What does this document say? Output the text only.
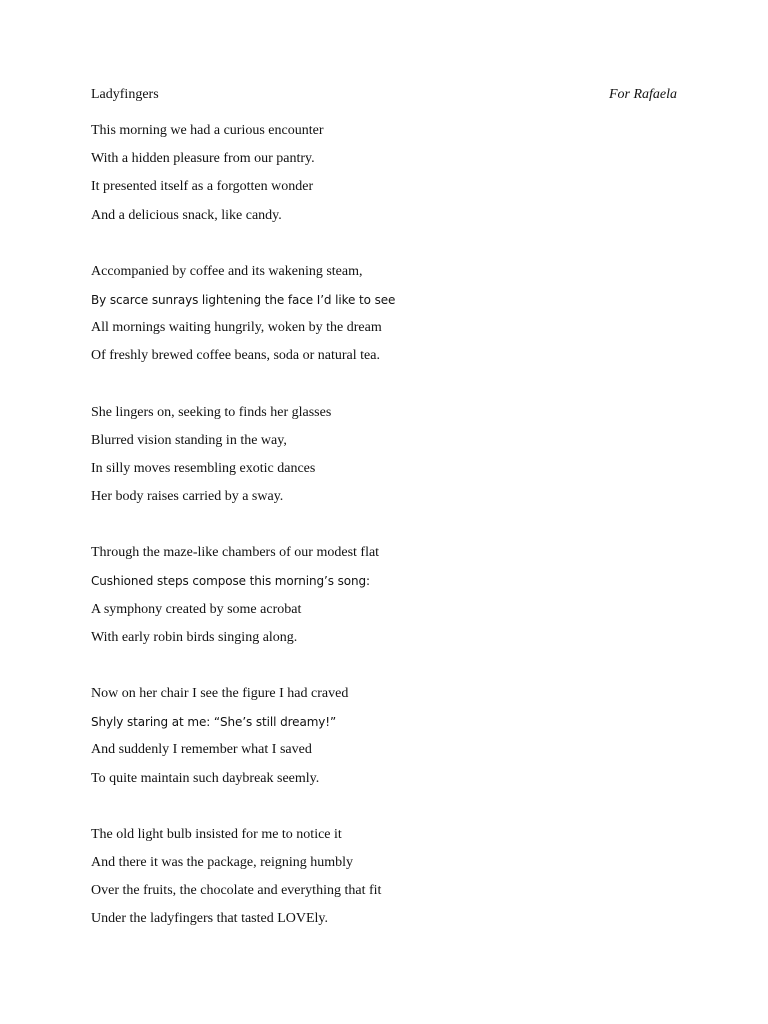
Ladyfingers	For Rafaela

This morning we had a curious encounter
With a hidden pleasure from our pantry.
It presented itself as a forgotten wonder
And a delicious snack, like candy.
Accompanied by coffee and its wakening steam,
By scarce sunrays lightening the face I’d like to see
All mornings waiting hungrily, woken by the dream
Of freshly brewed coffee beans, soda or natural tea.
She lingers on, seeking to finds her glasses
Blurred vision standing in the way,
In silly moves resembling exotic dances
Her body raises carried by a sway.
Through the maze-like chambers of our modest flat
Cushioned steps compose this morning’s song:
A symphony created by some acrobat
With early robin birds singing along.
Now on her chair I see the figure I had craved
Shyly staring at me: “She’s still dreamy!”
And suddenly I remember what I saved
To quite maintain such daybreak seemly.
The old light bulb insisted for me to notice it
And there it was the package, reigning humbly
Over the fruits, the chocolate and everything that fit
Under the ladyfingers that tasted LOVEly.
